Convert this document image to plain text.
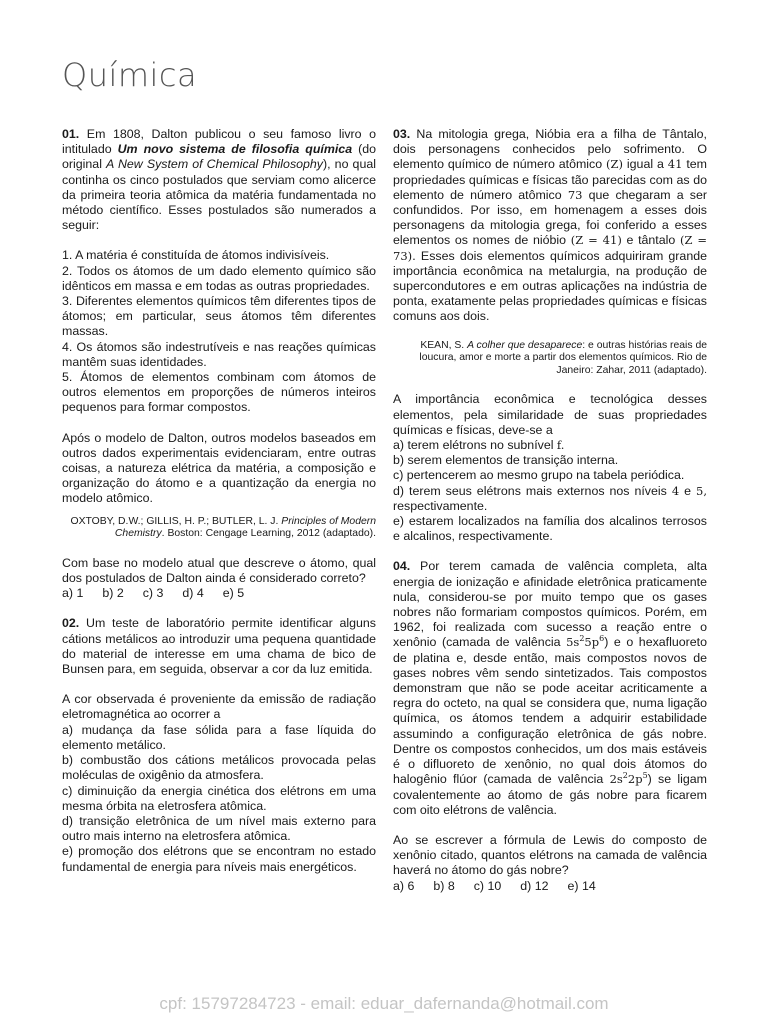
Química

01. Em 1808, Dalton publicou o seu famoso livro o intitulado Um novo sistema de filosofia química (do original A New System of Chemical Philosophy), no qual continha os cinco postulados que serviam como alicerce da primeira teoria atômica da matéria fundamentada no método científico. Esses postulados são numerados a seguir:

1. A matéria é constituída de átomos indivisíveis.

2. Todos os átomos de um dado elemento químico são idênticos em massa e em todas as outras propriedades.

3. Diferentes elementos químicos têm diferentes tipos de átomos; em particular, seus átomos têm diferentes massas.

4. Os átomos são indestrutíveis e nas reações químicas mantêm suas identidades.

5. Átomos de elementos combinam com átomos de outros elementos em proporções de números inteiros pequenos para formar compostos.

Após o modelo de Dalton, outros modelos baseados em outros dados experimentais evidenciaram, entre outras coisas, a natureza elétrica da matéria, a composição e organização do átomo e a quantização da energia no modelo atômico.

OXTOBY, D.W.; GILLIS, H. P.; BUTLER, L. J. Principles of Modern Chemistry. Boston: Cengage Learning, 2012 (adaptado).

Com base no modelo atual que descreve o átomo, qual dos postulados de Dalton ainda é considerado correto?

a) 1 b) 2 c) 3 d) 4 e) 5

02. Um teste de laboratório permite identificar alguns cátions metálicos ao introduzir uma pequena quantidade do material de interesse em uma chama de bico de Bunsen para, em seguida, observar a cor da luz emitida.

A cor observada é proveniente da emissão de radiação eletromagnética ao ocorrer a

a) mudança da fase sólida para a fase líquida do elemento metálico.

b) combustão dos cátions metálicos provocada pelas moléculas de oxigênio da atmosfera.

c) diminuição da energia cinética dos elétrons em uma mesma órbita na eletrosfera atômica.

d) transição eletrônica de um nível mais externo para outro mais interno na eletrosfera atômica.

e) promoção dos elétrons que se encontram no estado fundamental de energia para níveis mais energéticos.

03. Na mitologia grega, Nióbia era a filha de Tântalo, dois personagens conhecidos pelo sofrimento. O elemento químico de número atômico (Z) igual a 41 tem propriedades químicas e físicas tão parecidas com as do elemento de número atômico 73 que chegaram a ser confundidos. Por isso, em homenagem a esses dois personagens da mitologia grega, foi conferido a esses elementos os nomes de nióbio (Z = 41) e tântalo (Z = 73). Esses dois elementos químicos adquiriram grande importância econômica na metalurgia, na produção de supercondutores e em outras aplicações na indústria de ponta, exatamente pelas propriedades químicas e físicas comuns aos dois.

KEAN, S. A colher que desaparece: e outras histórias reais de loucura, amor e morte a partir dos elementos químicos. Rio de Janeiro: Zahar, 2011 (adaptado).

A importância econômica e tecnológica desses elementos, pela similaridade de suas propriedades químicas e físicas, deve-se a

a) terem elétrons no subnível f.

b) serem elementos de transição interna.

c) pertencerem ao mesmo grupo na tabela periódica.

d) terem seus elétrons mais externos nos níveis 4 e 5, respectivamente.

e) estarem localizados na família dos alcalinos terrosos e alcalinos, respectivamente.

04. Por terem camada de valência completa, alta energia de ionização e afinidade eletrônica praticamente nula, considerou-se por muito tempo que os gases nobres não formariam compostos químicos. Porém, em 1962, foi realizada com sucesso a reação entre o xenônio (camada de valência $5s^25p^6$) e o hexafluoreto de platina e, desde então, mais compostos novos de gases nobres vêm sendo sintetizados. Tais compostos demonstram que não se pode aceitar acriticamente a regra do octeto, na qual se considera que, numa ligação química, os átomos tendem a adquirir estabilidade assumindo a configuração eletrônica de gás nobre. Dentre os compostos conhecidos, um dos mais estáveis é o difluoreto de xenônio, no qual dois átomos do halogênio flúor (camada de valência $2s^22p^5$) se ligam covalentemente ao átomo de gás nobre para ficarem com oito elétrons de valência.

Ao se escrever a fórmula de Lewis do composto de xenônio citado, quantos elétrons na camada de valência haverá no átomo do gás nobre?

a) 6 b) 8 c) 10 d) 12 e) 14

cpf: 15797284723 - email: eduar_dafernanda@hotmail.com
